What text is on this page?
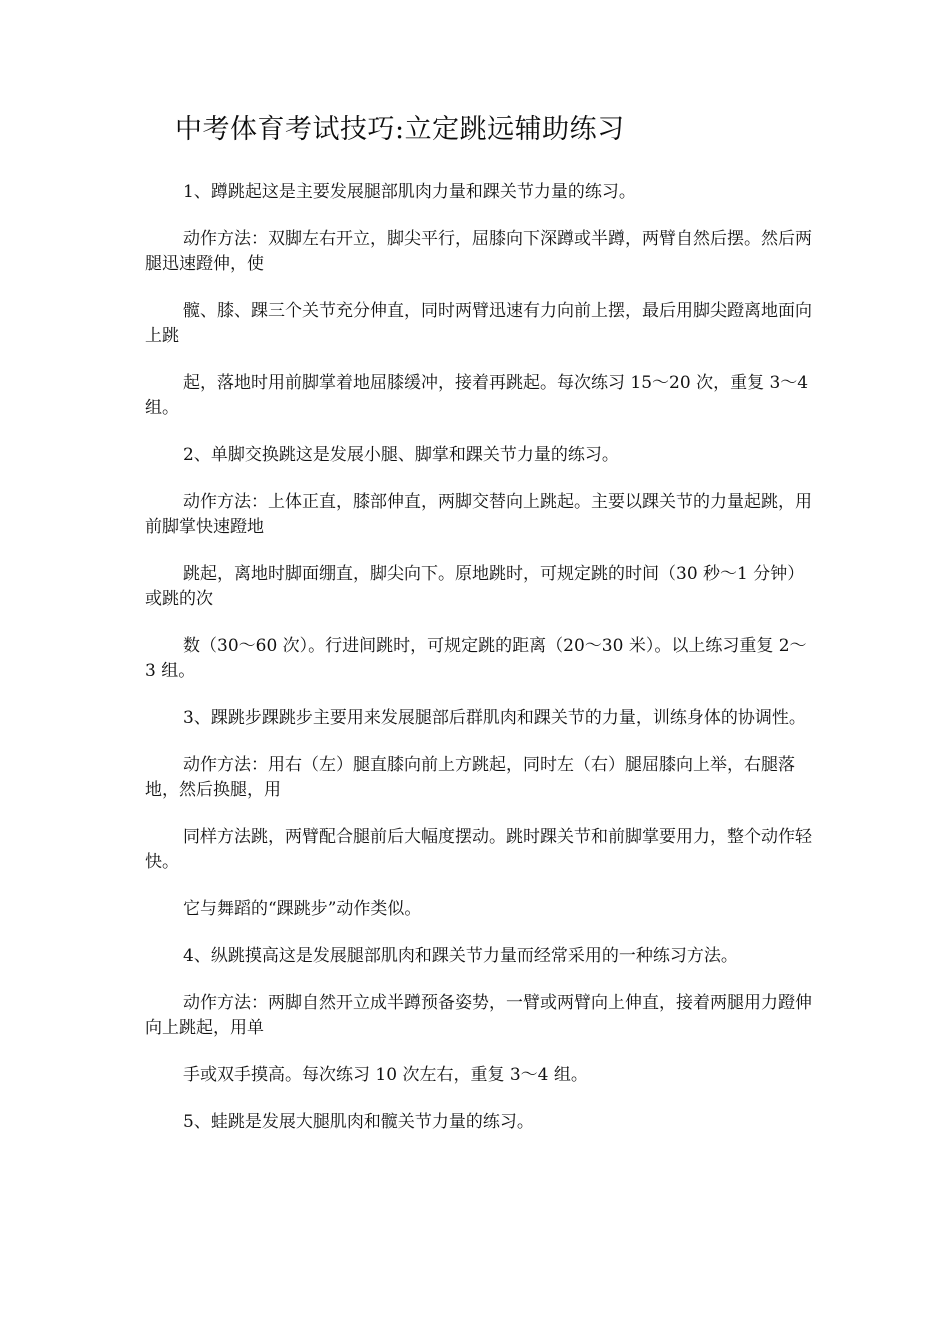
中考体育考试技巧:立定跳远辅助练习

1、蹲跳起这是主要发展腿部肌肉力量和踝关节力量的练习。

动作方法：双脚左右开立，脚尖平行，屈膝向下深蹲或半蹲，两臂自然后摆。然后两腿迅速蹬伸，使

髋、膝、踝三个关节充分伸直，同时两臂迅速有力向前上摆，最后用脚尖蹬离地面向上跳

起，落地时用前脚掌着地屈膝缓冲，接着再跳起。每次练习 15～20 次，重复 3～4 组。

2、单脚交换跳这是发展小腿、脚掌和踝关节力量的练习。

动作方法：上体正直，膝部伸直，两脚交替向上跳起。主要以踝关节的力量起跳，用前脚掌快速蹬地

跳起，离地时脚面绷直，脚尖向下。原地跳时，可规定跳的时间（30 秒～1 分钟）或跳的次

数（30～60 次）。行进间跳时，可规定跳的距离（20～30 米）。以上练习重复 2～3 组。

3、踝跳步踝跳步主要用来发展腿部后群肌肉和踝关节的力量，训练身体的协调性。

动作方法：用右（左）腿直膝向前上方跳起，同时左（右）腿屈膝向上举，右腿落地，然后换腿，用

同样方法跳，两臂配合腿前后大幅度摆动。跳时踝关节和前脚掌要用力，整个动作轻快。

它与舞蹈的“踝跳步”动作类似。

4、纵跳摸高这是发展腿部肌肉和踝关节力量而经常采用的一种练习方法。

动作方法：两脚自然开立成半蹲预备姿势，一臂或两臂向上伸直，接着两腿用力蹬伸向上跳起，用单

手或双手摸高。每次练习 10 次左右，重复 3～4 组。

5、蛙跳是发展大腿肌肉和髋关节力量的练习。
